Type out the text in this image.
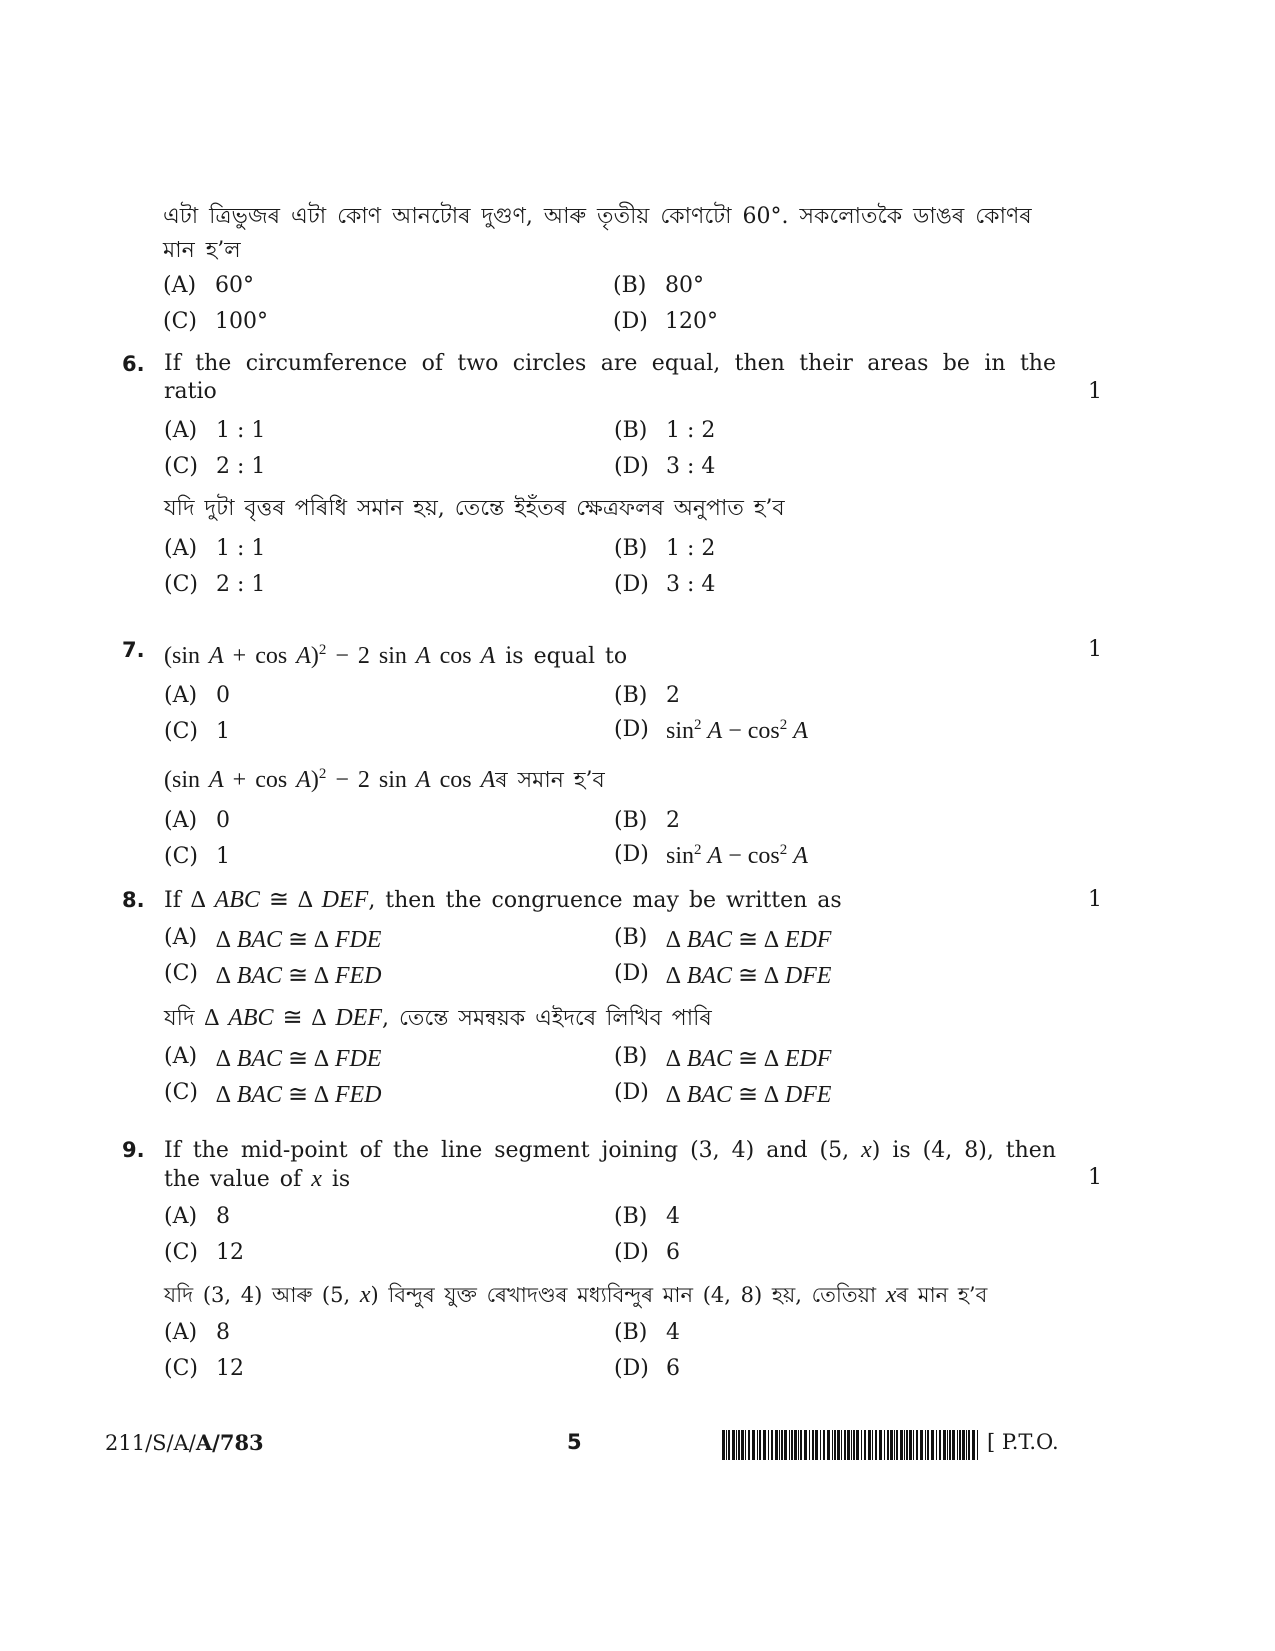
এটা ত্ৰিভুজৰ এটা কোণ আনটোৰ দুগুণ, আৰু তৃতীয় কোণটো 60°. সকলোতকৈ ডাঙৰ কোণৰ
মান হ’ল
(A) 60°	(B) 80°
(C) 100°	(D) 120°
6. If the circumference of two circles are equal, then their areas be in the ratio	1
(A) 1 : 1	(B) 1 : 2
(C) 2 : 1	(D) 3 : 4
যদি দুটা বৃত্তৰ পৰিধি সমান হয়, তেন্তে ইহঁতৰ ক্ষেত্ৰফলৰ অনুপাত হ’ব
(A) 1 : 1	(B) 1 : 2
(C) 2 : 1	(D) 3 : 4
7. (sin A + cos A)$^2$ − 2 sin A cos A is equal to	1
(A) 0	(B) 2
(C) 1	(D) $\sin^2 A - \cos^2 A$
(sin A + cos A)$^2$ − 2 sin A cos Aৰ সমান হ’ব
(A) 0	(B) 2
(C) 1	(D) $\sin^2 A - \cos^2 A$
8. If ∆ ABC ≅ ∆ DEF, then the congruence may be written as	1
(A) ∆ BAC ≅ ∆ FDE	(B) ∆ BAC ≅ ∆ EDF
(C) ∆ BAC ≅ ∆ FED	(D) ∆ BAC ≅ ∆ DFE
যদি ∆ ABC ≅ ∆ DEF, তেন্তে সমন্বয়ক এইদৰে লিখিব পাৰি
(A) ∆ BAC ≅ ∆ FDE	(B) ∆ BAC ≅ ∆ EDF
(C) ∆ BAC ≅ ∆ FED	(D) ∆ BAC ≅ ∆ DFE
9. If the mid-point of the line segment joining (3, 4) and (5, x) is (4, 8), then the value of x is	1
(A) 8	(B) 4
(C) 12	(D) 6
যদি (3, 4) আৰু (5, x) বিন্দুৰ যুক্ত ৰেখাদণ্ডৰ মধ্যবিন্দুৰ মান (4, 8) হয়, তেতিয়া xৰ মান হ’ব
(A) 8	(B) 4
(C) 12	(D) 6
211/S/A/A/783	5	[ P.T.O.
